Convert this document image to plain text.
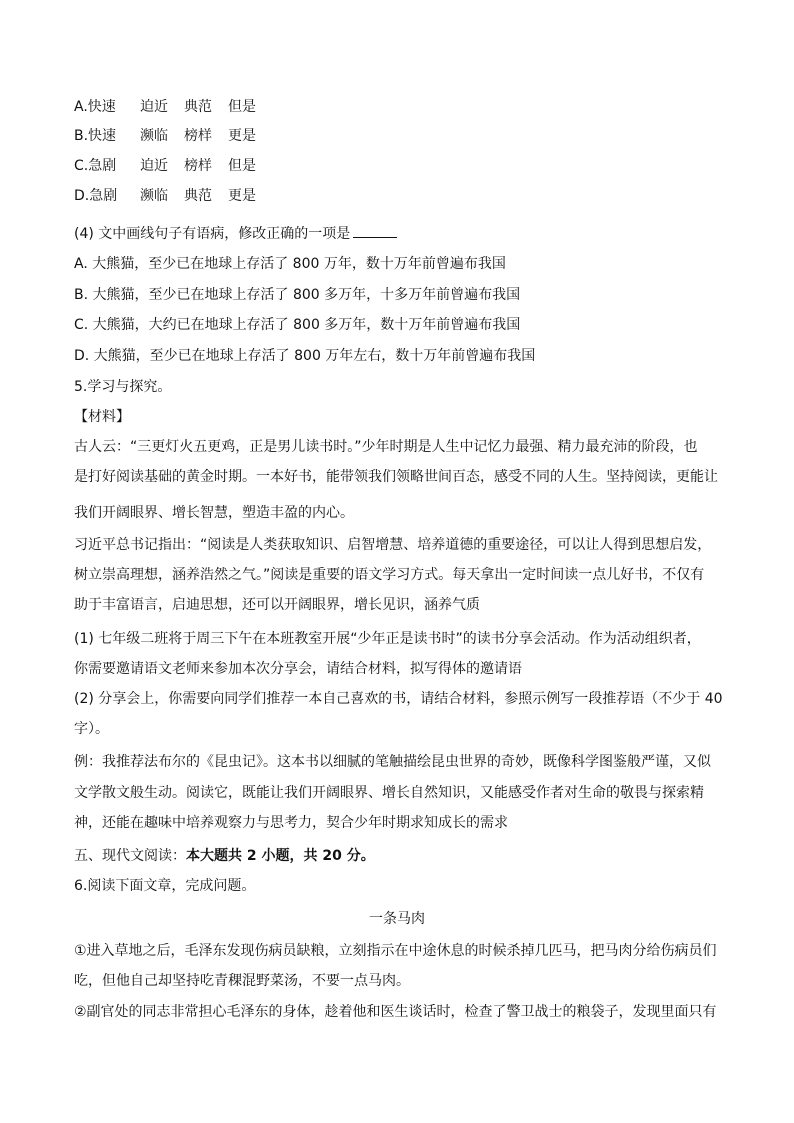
A.快速 迫近 典范 但是
B.快速 濒临 榜样 更是
C.急剧 迫近 榜样 但是
D.急剧 濒临 典范 更是
(4) 文中画线句子有语病，修改正确的一项是
A. 大熊猫，至少已在地球上存活了 800 万年，数十万年前曾遍布我国
B. 大熊猫，至少已在地球上存活了 800 多万年，十多万年前曾遍布我国
C. 大熊猫，大约已在地球上存活了 800 多万年，数十万年前曾遍布我国
D. 大熊猫，至少已在地球上存活了 800 万年左右，数十万年前曾遍布我国
5.学习与探究。
【材料】
古人云：“三更灯火五更鸡，正是男儿读书时。”少年时期是人生中记忆力最强、精力最充沛的阶段，也
是打好阅读基础的黄金时期。一本好书，能带领我们领略世间百态，感受不同的人生。坚持阅读，更能让
我们开阔眼界、增长智慧，塑造丰盈的内心。
习近平总书记指出：“阅读是人类获取知识、启智增慧、培养道德的重要途径，可以让人得到思想启发，
树立崇高理想，涵养浩然之气。”阅读是重要的语文学习方式。每天拿出一定时间读一点儿好书，不仅有
助于丰富语言，启迪思想，还可以开阔眼界，增长见识，涵养气质
(1) 七年级二班将于周三下午在本班教室开展“少年正是读书时”的读书分享会活动。作为活动组织者，
你需要邀请语文老师来参加本次分享会，请结合材料，拟写得体的邀请语
(2) 分享会上，你需要向同学们推荐一本自己喜欢的书，请结合材料，参照示例写一段推荐语（不少于 40
字）。
例：我推荐法布尔的《昆虫记》。这本书以细腻的笔触描绘昆虫世界的奇妙，既像科学图鉴般严谨，又似
文学散文般生动。阅读它，既能让我们开阔眼界、增长自然知识，又能感受作者对生命的敬畏与探索精
神，还能在趣味中培养观察力与思考力，契合少年时期求知成长的需求
五、现代文阅读：本大题共 2 小题，共 20 分。
6.阅读下面文章，完成问题。
一条马肉
①进入草地之后，毛泽东发现伤病员缺粮，立刻指示在中途休息的时候杀掉几匹马，把马肉分给伤病员们
吃，但他自己却坚持吃青稞混野菜汤，不要一点马肉。
②副官处的同志非常担心毛泽东的身体，趁着他和医生谈话时，检查了警卫战士的粮袋子，发现里面只有
